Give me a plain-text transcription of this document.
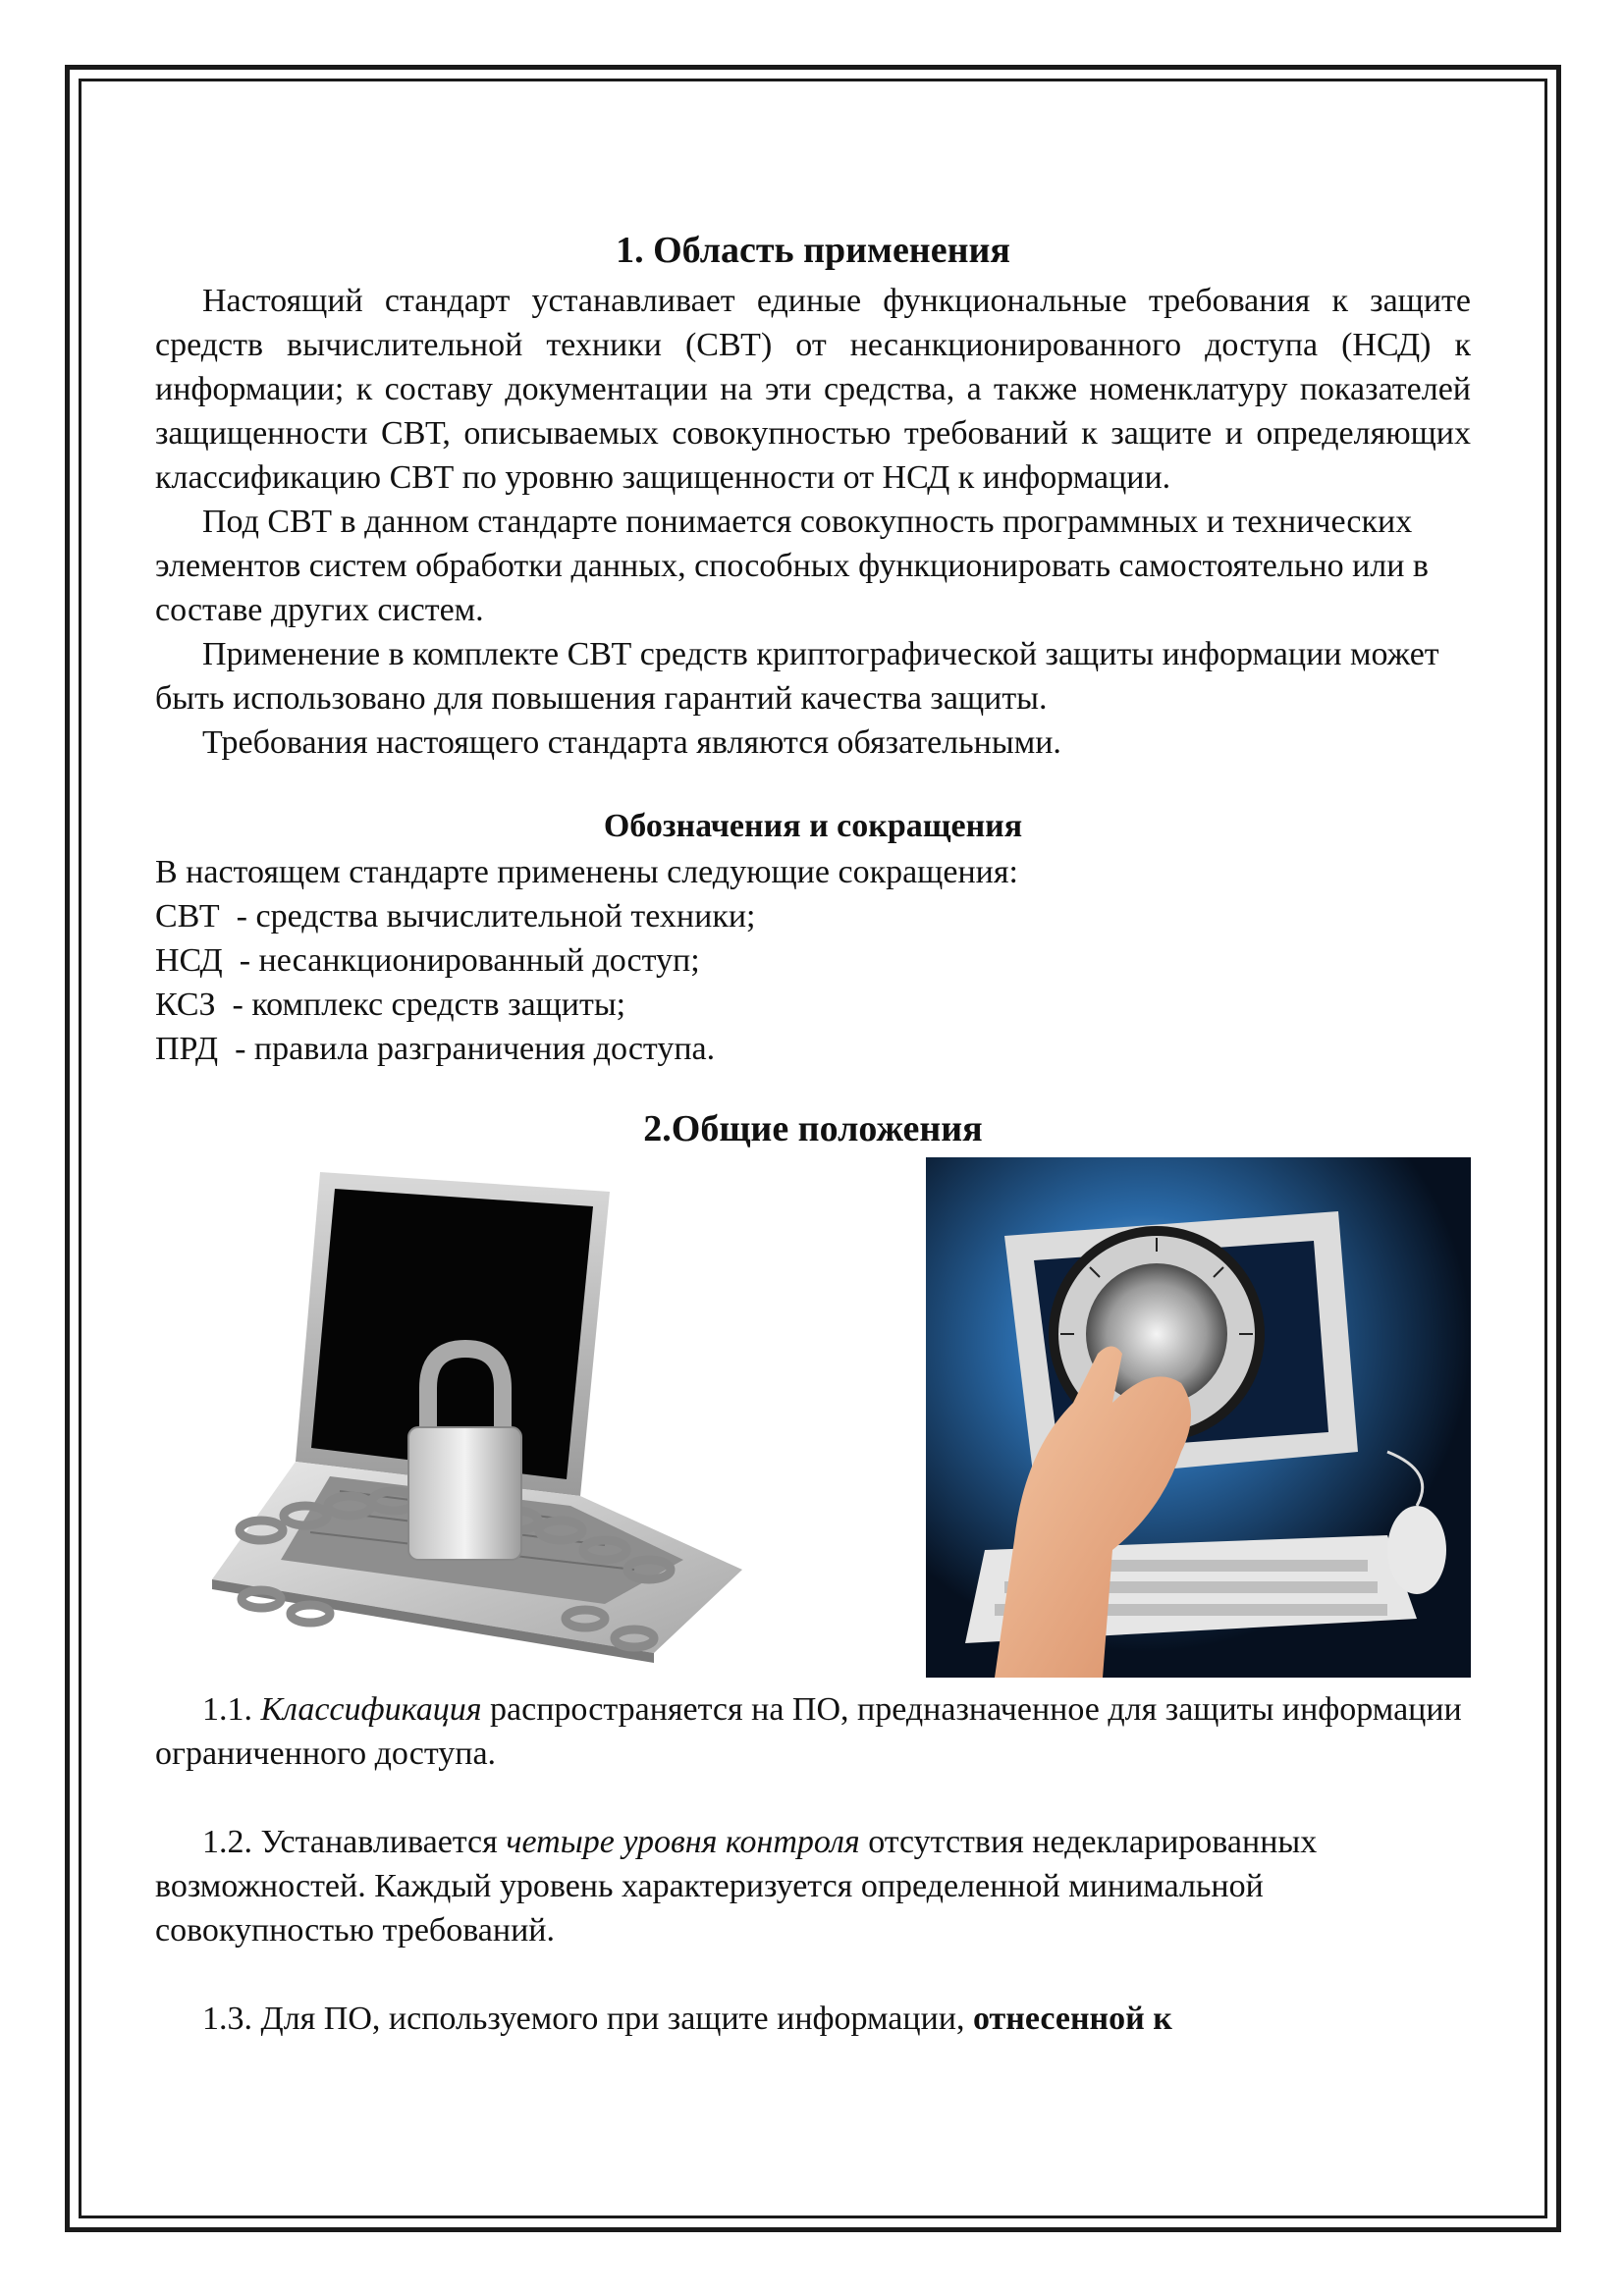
1. Область применения

Настоящий стандарт устанавливает единые функциональные требования к защите средств вычислительной техники (СВТ) от несанкционированного доступа (НСД) к информации; к составу документации на эти средства, а также номенклатуру показателей защищенности СВТ, описываемых совокупностью требований к защите и определяющих классификацию СВТ по уровню защищенности от НСД к информации.

Под СВТ в данном стандарте понимается совокупность программных и технических элементов систем обработки данных, способных функционировать самостоятельно или в составе других систем.

Применение в комплекте СВТ средств криптографической защиты информации может быть использовано для повышения гарантий качества защиты.

Требования настоящего стандарта являются обязательными.

Обозначения и сокращения

В настоящем стандарте применены следующие сокращения:

СВТ  - средства вычислительной техники;

НСД  - несанкционированный доступ;

КСЗ  - комплекс средств защиты;

ПРД  - правила разграничения доступа.

2.Общие положения

1.1. Классификация распространяется на ПО, предназначенное для защиты информации ограниченного доступа.

1.2. Устанавливается четыре уровня контроля отсутствия недекларированных возможностей. Каждый уровень характеризуется определенной минимальной совокупностью требований.

1.3. Для ПО, используемого при защите информации, отнесенной к
